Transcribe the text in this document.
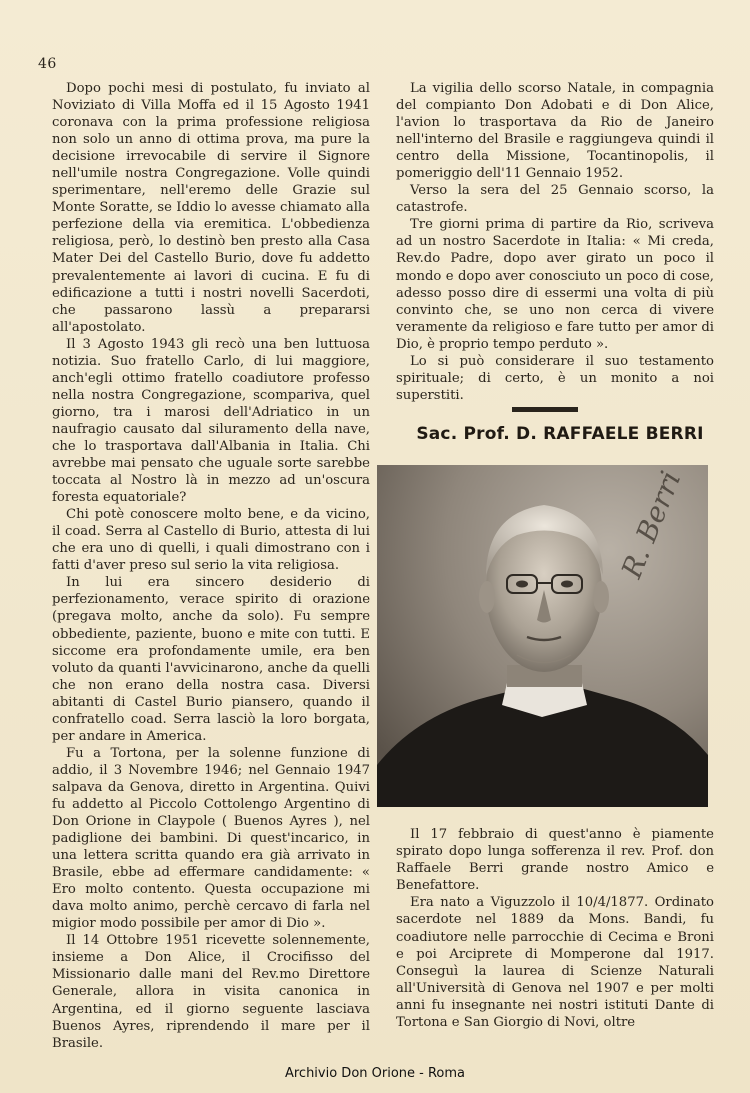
46

Dopo pochi mesi di postulato, fu inviato al Noviziato di Villa Moffa ed il 15 Agosto 1941 coronava con la prima professione religiosa non solo un anno di ottima prova, ma pure la decisione irrevocabile di servire il Signore nell'umile nostra Congregazione. Volle quindi sperimentare, nell'eremo delle Grazie sul Monte Soratte, se Iddio lo avesse chiamato alla perfezione della via eremitica. L'obbedienza religiosa, però, lo destinò ben presto alla Casa Mater Dei del Castello Burio, dove fu addetto prevalentemente ai lavori di cucina. E fu di edificazione a tutti i nostri novelli Sacerdoti, che passarono lassù a prepararsi all'apostolato.

Il 3 Agosto 1943 gli recò una ben luttuosa notizia. Suo fratello Carlo, di lui maggiore, anch'egli ottimo fratello coadiutore professo nella nostra Congregazione, scompariva, quel giorno, tra i marosi dell'Adriatico in un naufragio causato dal siluramento della nave, che lo trasportava dall'Albania in Italia. Chi avrebbe mai pensato che uguale sorte sarebbe toccata al Nostro là in mezzo ad un'oscura foresta equatoriale?

Chi potè conoscere molto bene, e da vicino, il coad. Serra al Castello di Burio, attesta di lui che era uno di quelli, i quali dimostrano con i fatti d'aver preso sul serio la vita religiosa.

In lui era sincero desiderio di perfezionamento, verace spirito di orazione (pregava molto, anche da solo). Fu sempre obbediente, paziente, buono e mite con tutti. E siccome era profondamente umile, era ben voluto da quanti l'avvicinarono, anche da quelli che non erano della nostra casa. Diversi abitanti di Castel Burio piansero, quando il confratello coad. Serra lasciò la loro borgata, per andare in America.

Fu a Tortona, per la solenne funzione di addio, il 3 Novembre 1946; nel Gennaio 1947 salpava da Genova, diretto in Argentina. Quivi fu addetto al Piccolo Cottolengo Argentino di Don Orione in Claypole ( Buenos Ayres ), nel padiglione dei bambini. Di quest'incarico, in una lettera scritta quando era già arrivato in Brasile, ebbe ad effermare candidamente: « Ero molto contento. Questa occupazione mi dava molto animo, perchè cercavo di farla nel migior modo possibile per amor di Dio ».

Il 14 Ottobre 1951 ricevette solennemente, insieme a Don Alice, il Crocifisso del Missionario dalle mani del Rev.mo Direttore Generale, allora in visita canonica in Argentina, ed il giorno seguente lasciava Buenos Ayres, riprendendo il mare per il Brasile.

La vigilia dello scorso Natale, in compagnia del compianto Don Adobati e di Don Alice, l'avion lo trasportava da Rio de Janeiro nell'interno del Brasile e raggiungeva quindi il centro della Missione, Tocantinopolis, il pomeriggio dell'11 Gennaio 1952.

Verso la sera del 25 Gennaio scorso, la catastrofe.

Tre giorni prima di partire da Rio, scriveva ad un nostro Sacerdote in Italia: « Mi creda, Rev.do Padre, dopo aver girato un poco il mondo e dopo aver conosciuto un poco di cose, adesso posso dire di essermi una volta di più convinto che, se uno non cerca di vivere veramente da religioso e fare tutto per amor di Dio, è proprio tempo perduto ».

Lo si può considerare il suo testamento spirituale; di certo, è un monito a noi superstiti.

Sac. Prof. D. RAFFAELE BERRI
R. Berri

Il 17 febbraio di quest'anno è piamente spirato dopo lunga sofferenza il rev. Prof. don Raffaele Berri grande nostro Amico e Benefattore.

Era nato a Viguzzolo il 10/4/1877. Ordinato sacerdote nel 1889 da Mons. Bandi, fu coadiutore nelle parrocchie di Cecima e Broni e poi Arciprete di Momperone dal 1917. Conseguì la laurea di Scienze Naturali all'Università di Genova nel 1907 e per molti anni fu insegnante nei nostri istituti Dante di Tortona e San Giorgio di Novi, oltre

Archivio Don Orione - Roma
